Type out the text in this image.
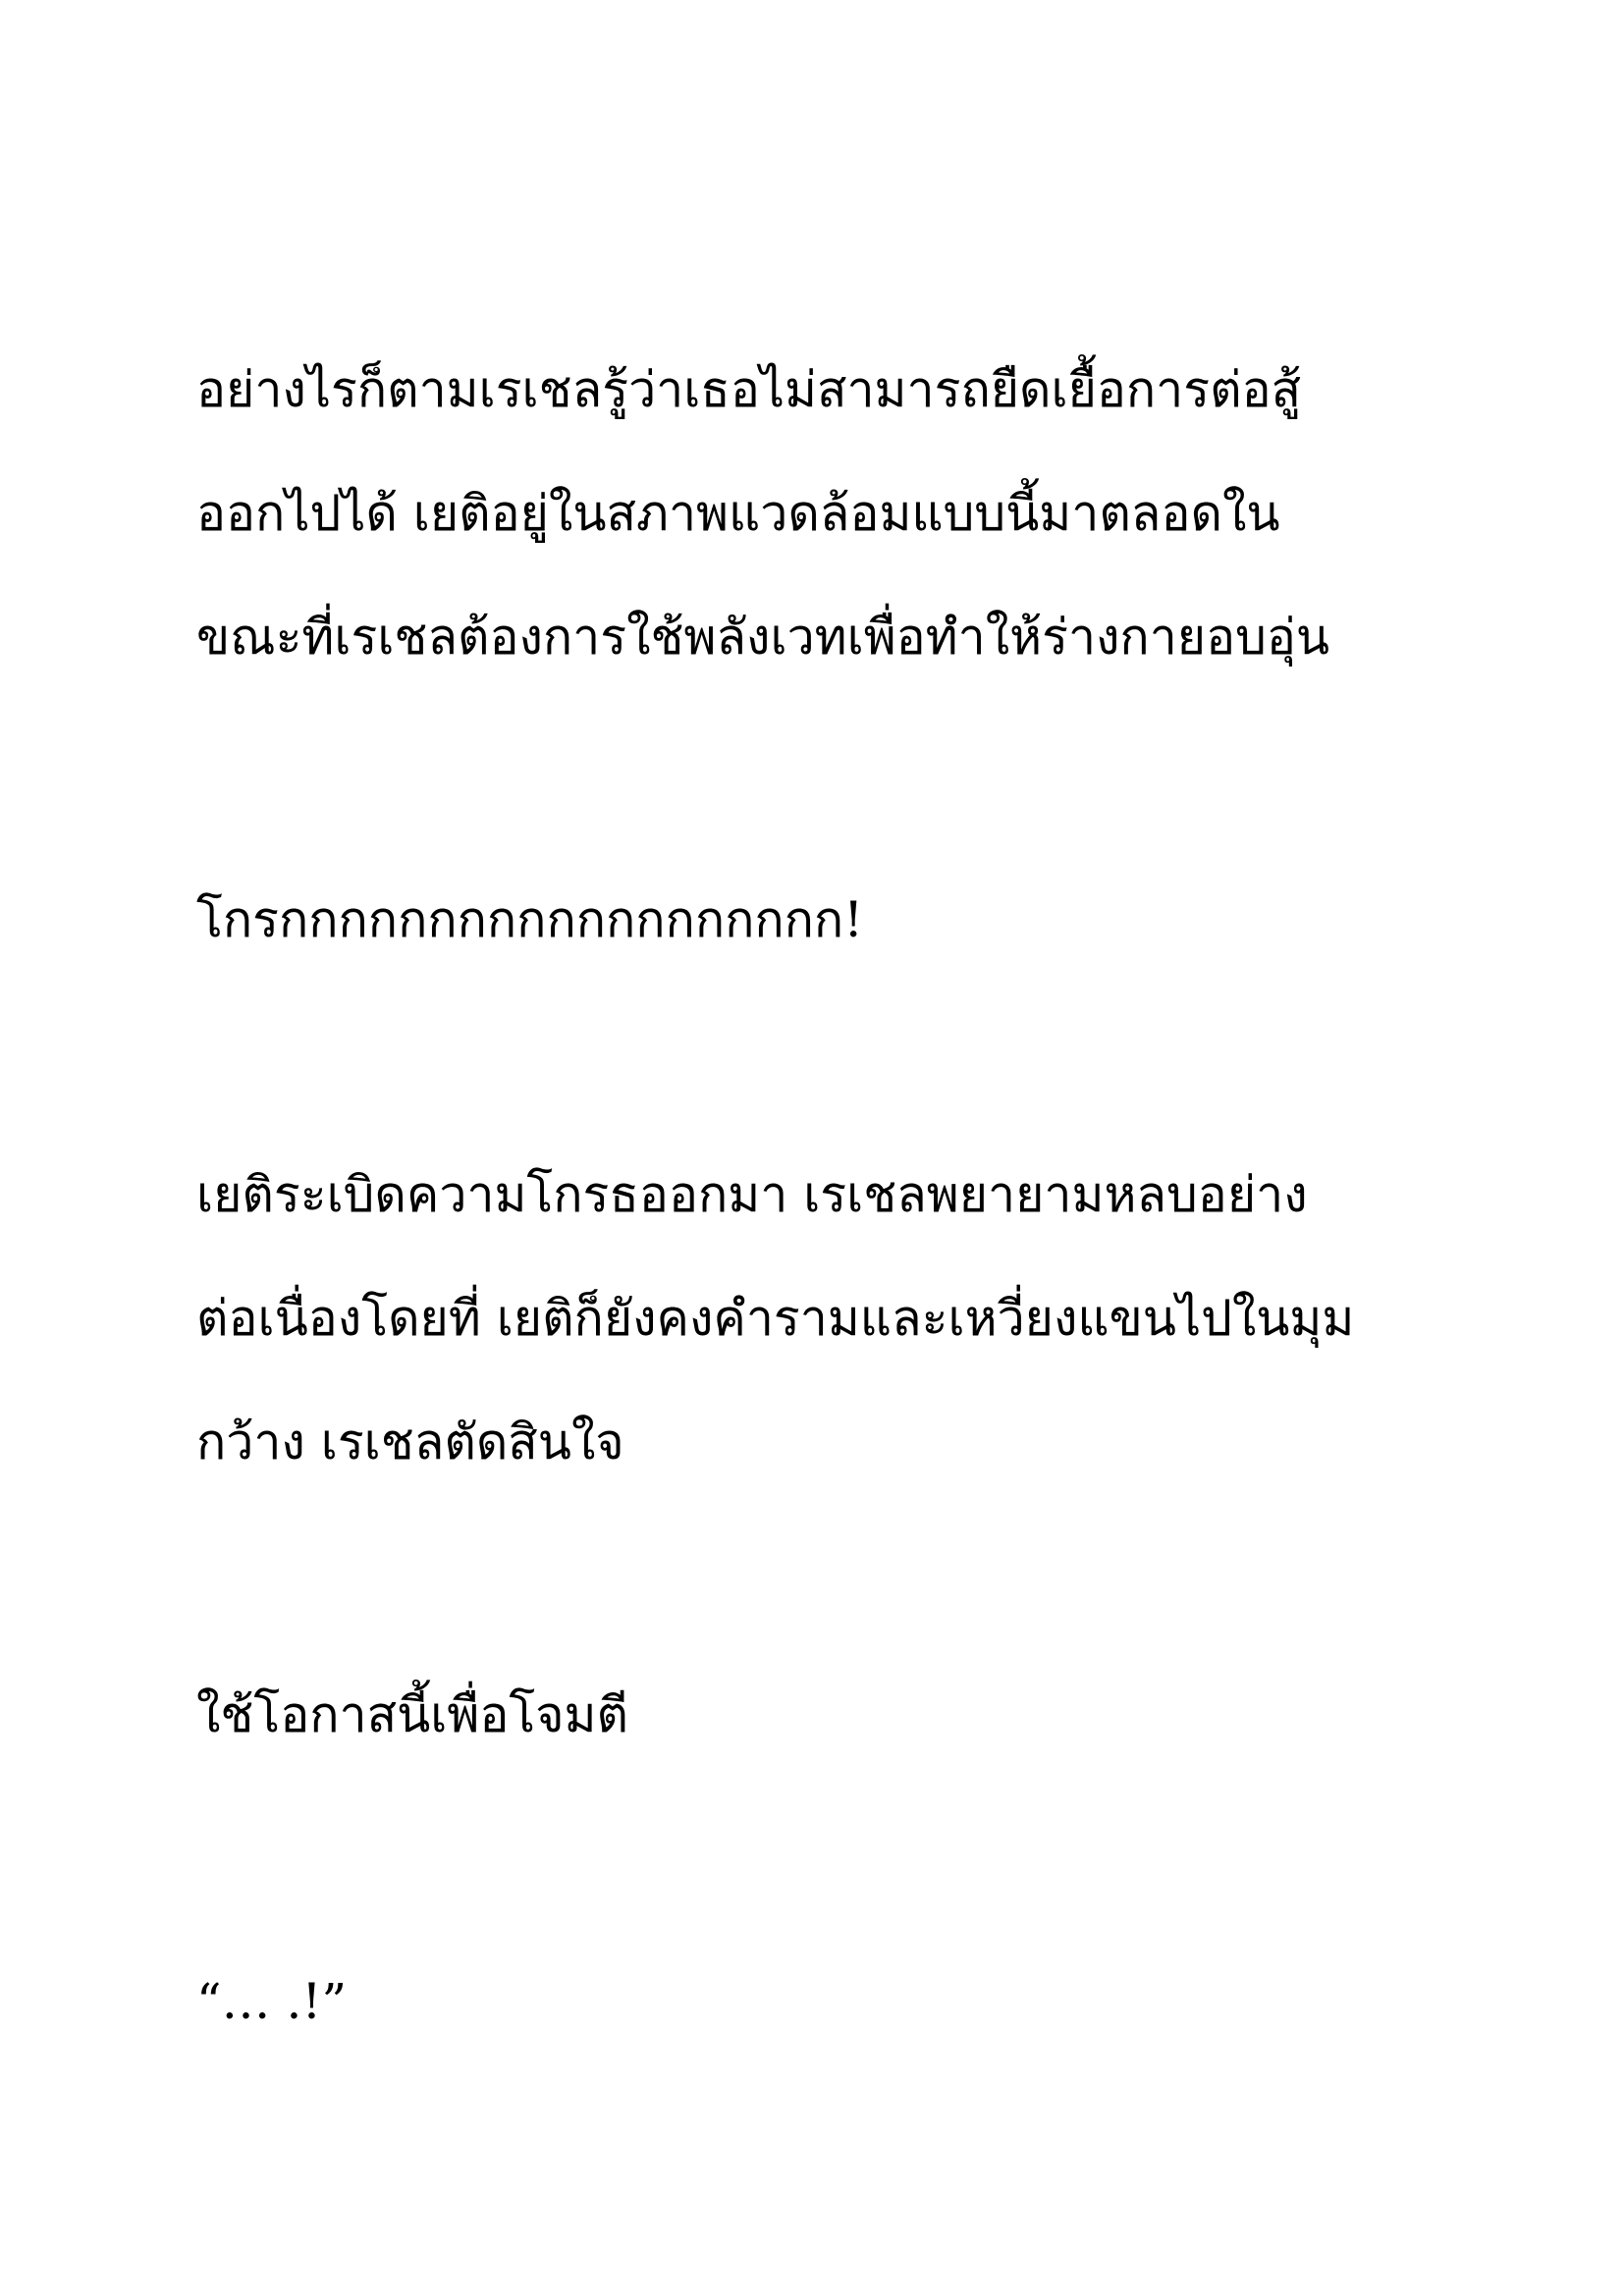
อย่างไรก็ตามเรเชลรู้ว่าเธอไม่สามารถยืดเยื้อการต่อสู้

ออกไปได้ เยติอยู่ในสภาพแวดล้อมแบบนี้มาตลอดใน

ขณะที่เรเชลต้องการใช้พลังเวทเพื่อทำให้ร่างกายอบอุ่น

โกรกกกกกกกกกกกกกกกกกกก!

เยติระเบิดความโกรธออกมา เรเชลพยายามหลบอย่าง

ต่อเนื่องโดยที่ เยติก็ยังคงคำรามและเหวี่ยงแขนไปในมุม

กว้าง เรเชลตัดสินใจ

ใช้โอกาสนี้เพื่อโจมตี

“… .!”
